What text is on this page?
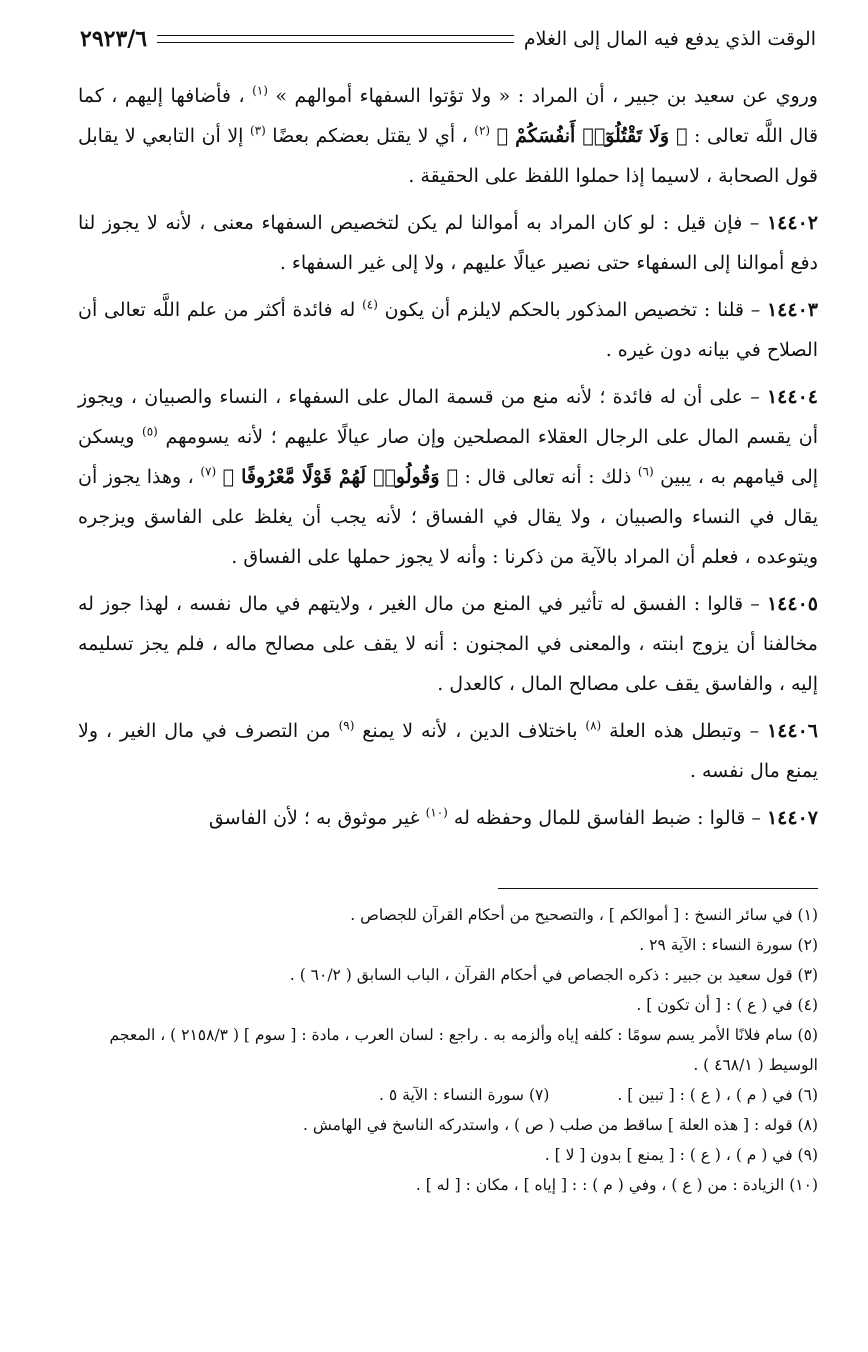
الوقت الذي يدفع فيه المال إلى الغلام
٢٩٢٣/٦

وروي عن سعيد بن جبير ، أن المراد : « ولا تؤتوا السفهاء أموالهم » $^{(١)}$ ، فأضافها إليهم ، كما قال اللَّه تعالى : ﴿ وَلَا تَقْتُلُوٓا۟ أَنفُسَكُمْ ﴾ $^{(٢)}$ ، أي لا يقتل بعضكم بعضًا $^{(٣)}$ إلا أن التابعي لا يقابل قول الصحابة ، لاسيما إذا حملوا اللفظ على الحقيقة .

١٤٤٠٢ – فإن قيل : لو كان المراد به أموالنا لم يكن لتخصيص السفهاء معنى ، لأنه لا يجوز لنا دفع أموالنا إلى السفهاء حتى نصير عيالًا عليهم ، ولا إلى غير السفهاء .

١٤٤٠٣ – قلنا : تخصيص المذكور بالحكم لايلزم أن يكون $^{(٤)}$ له فائدة أكثر من علم اللَّه تعالى أن الصلاح في بيانه دون غيره .

١٤٤٠٤ – على أن له فائدة ؛ لأنه منع من قسمة المال على السفهاء ، النساء والصبيان ، ويجوز أن يقسم المال على الرجال العقلاء المصلحين وإن صار عيالًا عليهم ؛ لأنه يسومهم $^{(٥)}$ ويسكن إلى قيامهم به ، يبين $^{(٦)}$ ذلك : أنه تعالى قال : ﴿ وَقُولُوا۟ لَهُمْ قَوْلًا مَّعْرُوفًا ﴾ $^{(٧)}$ ، وهذا يجوز أن يقال في النساء والصبيان ، ولا يقال في الفساق ؛ لأنه يجب أن يغلظ على الفاسق ويزجره ويتوعده ، فعلم أن المراد بالآية من ذكرنا : وأنه لا يجوز حملها على الفساق .

١٤٤٠٥ – قالوا : الفسق له تأثير في المنع من مال الغير ، ولايتهم في مال نفسه ، لهذا جوز له مخالفنا أن يزوج ابنته ، والمعنى في المجنون : أنه لا يقف على مصالح ماله ، فلم يجز تسليمه إليه ، والفاسق يقف على مصالح المال ، كالعدل .

١٤٤٠٦ – وتبطل هذه العلة $^{(٨)}$ باختلاف الدين ، لأنه لا يمنع $^{(٩)}$ من التصرف في مال الغير ، ولا يمنع مال نفسه .

١٤٤٠٧ – قالوا : ضبط الفاسق للمال وحفظه له $^{(١٠)}$ غير موثوق به ؛ لأن الفاسق

(١) في سائر النسخ : [ أموالكم ] ، والتصحيح من أحكام القرآن للجصاص .

(٢) سورة النساء : الآية ٢٩ .

(٣) قول سعيد بن جبير : ذكره الجصاص في أحكام القرآن ، الباب السابق ( ٦٠/٢ ) .

(٤) في ( ع ) : [ أن تكون ] .

(٥) سام فلانًا الأمر يسم سومًا : كلفه إياه وألزمه به . راجع : لسان العرب ، مادة : [ سوم ] ( ٢١٥٨/٣ ) ، المعجم الوسيط ( ٤٦٨/١ ) .

(٦) في ( م ) ، ( ع ) : [ تبين ] .

(٧) سورة النساء : الآية ٥ .

(٨) قوله : [ هذه العلة ] ساقط من صلب ( ص ) ، واستدركه الناسخ في الهامش .

(٩) في ( م ) ، ( ع ) : [ يمنع ] بدون [ لا ] .

(١٠) الزيادة : من ( ع ) ، وفي ( م ) : : [ إياه ] ، مكان : [ له ] .
